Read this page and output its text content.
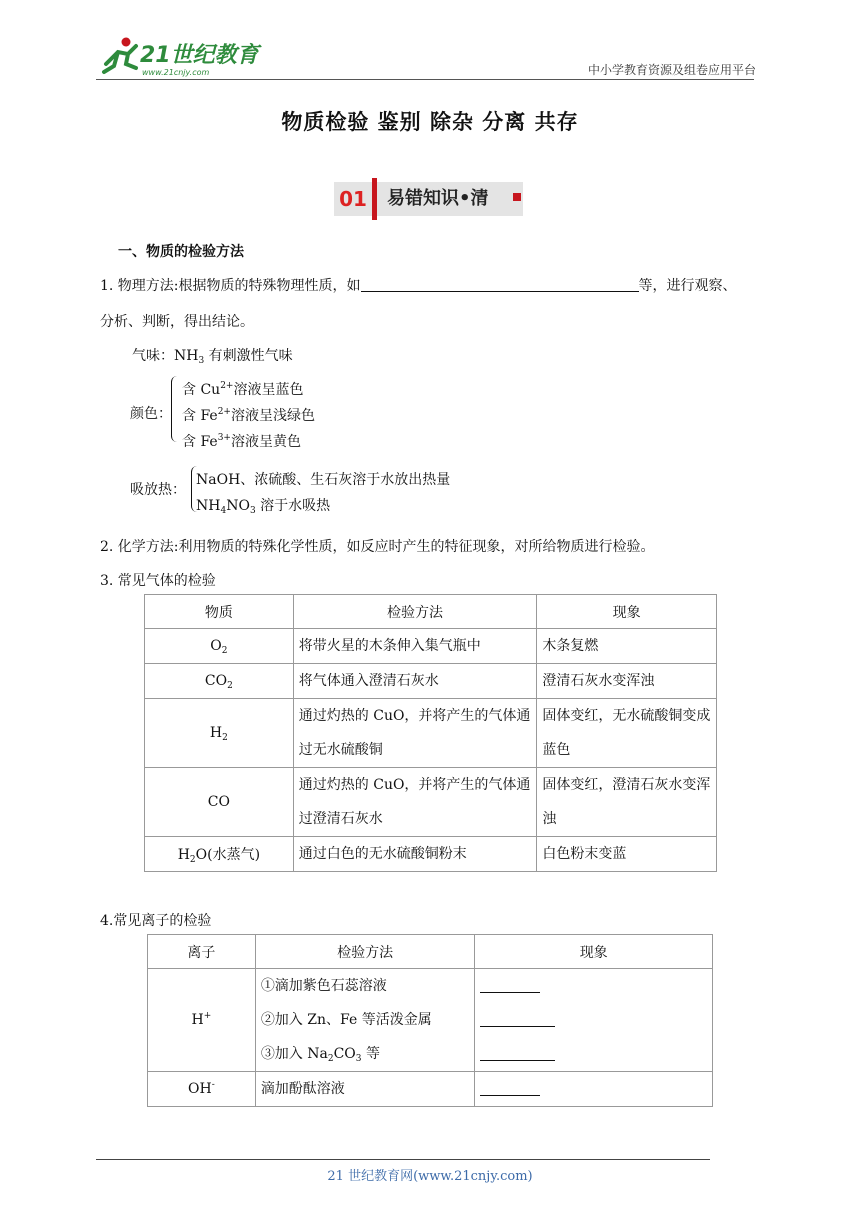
21世纪教育
www.21cnjy.com	中小学教育资源及组卷应用平台
物质检验 鉴别 除杂 分离 共存
01	易错知识•清
一、物质的检验方法
1. 物理方法:根据物质的特殊物理性质，如	等，进行观察、
分析、判断，得出结论。
气味：$NH_3$ 有刺激性气味
颜色：
含 $Cu^{2+}$溶液呈蓝色
含 $Fe^{2+}$溶液呈浅绿色
含 $Fe^{3+}$溶液呈黄色
吸放热：
NaOH、浓硫酸、生石灰溶于水放出热量
$NH_4NO_3$ 溶于水吸热
2. 化学方法:利用物质的特殊化学性质，如反应时产生的特征现象，对所给物质进行检验。
3. 常见气体的检验
物质	检验方法	现象
$O_2$	将带火星的木条伸入集气瓶中	木条复燃
$CO_2$	将气体通入澄清石灰水	澄清石灰水变浑浊
$H_2$	通过灼热的 CuO，并将产生的气体通过无水硫酸铜	固体变红，无水硫酸铜变成蓝色
CO	通过灼热的 CuO，并将产生的气体通过澄清石灰水	固体变红，澄清石灰水变浑浊
$H_2O$(水蒸气)	通过白色的无水硫酸铜粉末	白色粉末变蓝
4.常见离子的检验
离子	检验方法	现象
H+	①滴加紫色石蕊溶液
②加入 Zn、Fe 等活泼金属
③加入 $Na_2CO_3$ 等	

OH-	滴加酚酞溶液	
21 世纪教育网(www.21cnjy.com)
